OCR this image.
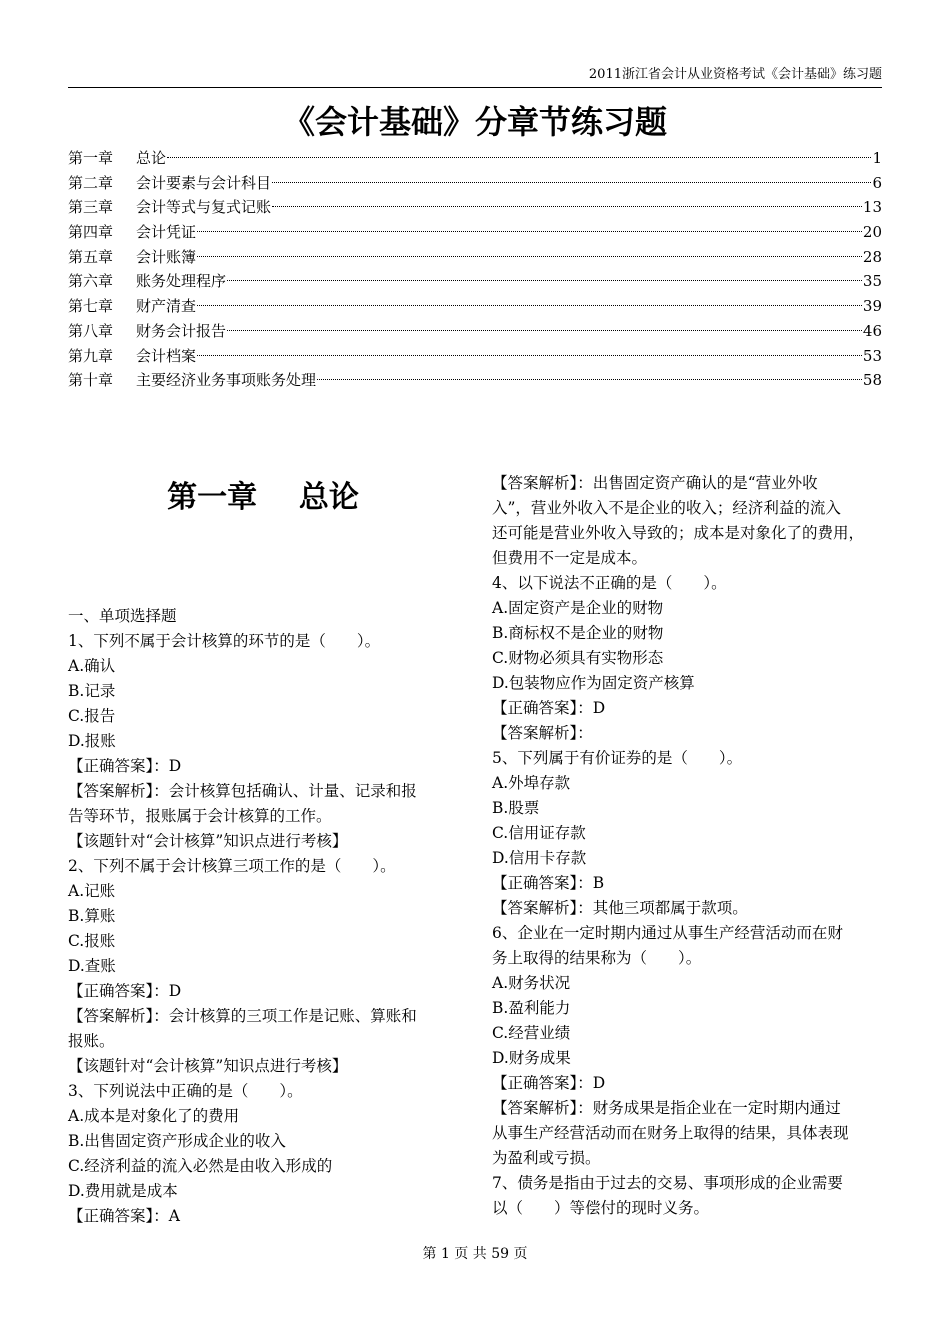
2011浙江省会计从业资格考试《会计基础》练习题
《会计基础》分章节练习题
第一章	总论	1
第二章	会计要素与会计科目	6
第三章	会计等式与复式记账	13
第四章	会计凭证	20
第五章	会计账簿	28
第六章	账务处理程序	35
第七章	财产清查	39
第八章	财务会计报告	46
第九章	会计档案	53
第十章	主要经济业务事项账务处理	58
第一章    总论
一、单项选择题
1、下列不属于会计核算的环节的是（　　）。
A.确认
B.记录
C.报告
D.报账
【正确答案】：D
【答案解析】：会计核算包括确认、计量、记录和报
告等环节，报账属于会计核算的工作。
【该题针对“会计核算”知识点进行考核】
2、下列不属于会计核算三项工作的是（　　）。
A.记账
B.算账
C.报账
D.查账
【正确答案】：D
【答案解析】：会计核算的三项工作是记账、算账和
报账。
【该题针对“会计核算”知识点进行考核】
3、下列说法中正确的是（　　）。
A.成本是对象化了的费用
B.出售固定资产形成企业的收入
C.经济利益的流入必然是由收入形成的
D.费用就是成本
【正确答案】：A
【答案解析】：出售固定资产确认的是“营业外收
入”，营业外收入不是企业的收入；经济利益的流入
还可能是营业外收入导致的；成本是对象化了的费用，
但费用不一定是成本。
4、以下说法不正确的是（　　）。
A.固定资产是企业的财物
B.商标权不是企业的财物
C.财物必须具有实物形态
D.包装物应作为固定资产核算
【正确答案】：D
【答案解析】：
5、下列属于有价证券的是（　　）。
A.外埠存款
B.股票
C.信用证存款
D.信用卡存款
【正确答案】：B
【答案解析】：其他三项都属于款项。
6、企业在一定时期内通过从事生产经营活动而在财
务上取得的结果称为（　　）。
A.财务状况
B.盈利能力
C.经营业绩
D.财务成果
【正确答案】：D
【答案解析】：财务成果是指企业在一定时期内通过
从事生产经营活动而在财务上取得的结果，具体表现
为盈利或亏损。
7、债务是指由于过去的交易、事项形成的企业需要
以（　　）等偿付的现时义务。
第 1 页 共 59 页
